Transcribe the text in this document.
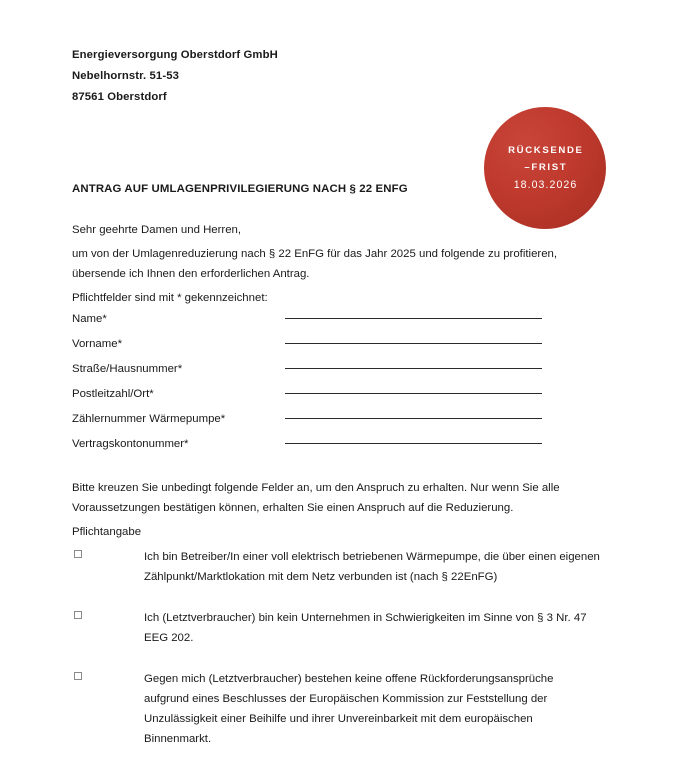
Energieversorgung Oberstdorf GmbH
Nebelhornstr. 51-53
87561 Oberstdorf
RÜCKSENDE
–FRIST
18.03.2026
ANTRAG AUF UMLAGENPRIVILEGIERUNG NACH § 22 ENFG
Sehr geehrte Damen und Herren,
um von der Umlagenreduzierung nach § 22 EnFG für das Jahr 2025 und folgende zu profitieren, übersende ich Ihnen den erforderlichen Antrag.
Pflichtfelder sind mit * gekennzeichnet:
Name*
Vorname*
Straße/Hausnummer*
Postleitzahl/Ort*
Zählernummer Wärmepumpe*
Vertragskontonummer*
Bitte kreuzen Sie unbedingt folgende Felder an, um den Anspruch zu erhalten. Nur wenn Sie alle Voraussetzungen bestätigen können, erhalten Sie einen Anspruch auf die Reduzierung.
Pflichtangabe
Ich bin Betreiber/In einer voll elektrisch betriebenen Wärmepumpe, die über einen eigenen Zählpunkt/Marktlokation mit dem Netz verbunden ist (nach § 22EnFG)
Ich (Letztverbraucher) bin kein Unternehmen in Schwierigkeiten im Sinne von § 3 Nr. 47 EEG 202.
Gegen mich (Letztverbraucher) bestehen keine offene Rückforderungsansprüche aufgrund eines Beschlusses der Europäischen Kommission zur Feststellung der Unzulässigkeit einer Beihilfe und ihrer Unvereinbarkeit mit dem europäischen Binnenmarkt.
